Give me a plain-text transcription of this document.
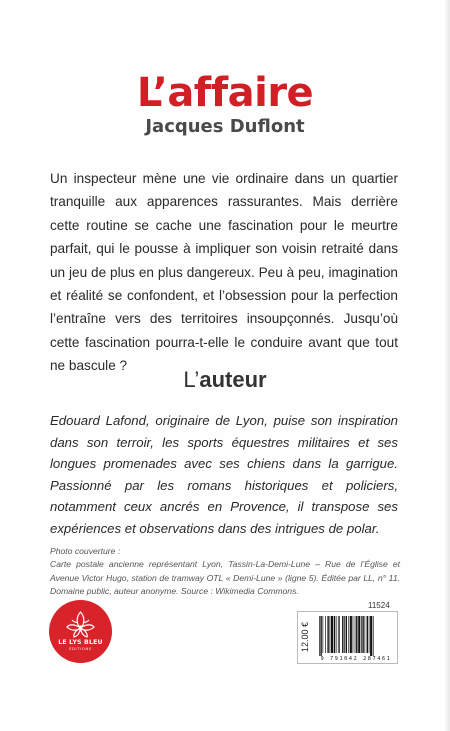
L’affaire
Jacques Duflont

Un inspecteur mène une vie ordinaire dans un quartier tranquille aux apparences rassurantes. Mais derrière cette routine se cache une fascination pour le meurtre parfait, qui le pousse à impliquer son voisin retraité dans un jeu de plus en plus dangereux. Peu à peu, imagination et réalité se confondent, et l’obsession pour la perfection l’entraîne vers des territoires insoupçonnés. Jusqu’où cette fascination pourra-t-elle le conduire avant que tout ne bascule ?

L’auteur

Edouard Lafond, originaire de Lyon, puise son inspiration dans son terroir, les sports équestres militaires et ses longues promenades avec ses chiens dans la garrigue. Passionné par les romans historiques et policiers, notamment ceux ancrés en Provence, il transpose ses expériences et observations dans des intrigues de polar.

Photo couverture :
Carte postale ancienne représentant Lyon, Tassin-La-Demi-Lune – Rue de l’Église et Avenue Victor Hugo, station de tramway OTL « Demi-Lune » (ligne 5). Éditée par LL, n° 11. Domaine public, auteur anonyme. Source : Wikimedia Commons.
11524
LE LYS BLEU
ÉDITIONS	12.00 €
9 791042 287461
